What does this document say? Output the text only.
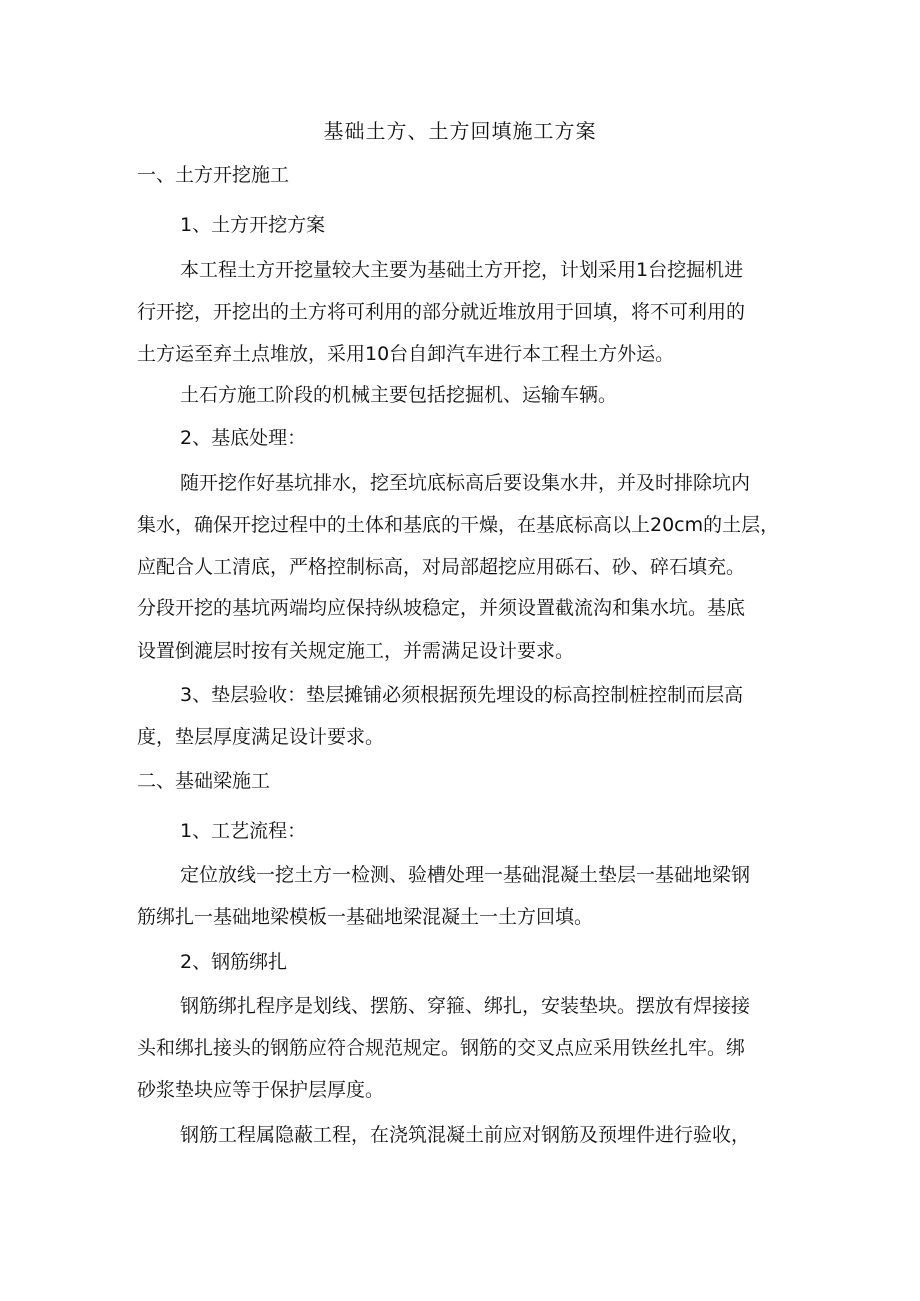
基础土方、土方回填施工方案

一、土方开挖施工

1、土方开挖方案

本工程土方开挖量较大主要为基础土方开挖，计划采用1台挖掘机进

行开挖，开挖出的土方将可利用的部分就近堆放用于回填，将不可利用的

土方运至弃土点堆放，采用10台自卸汽车进行本工程土方外运。

土石方施工阶段的机械主要包括挖掘机、运输车辆。

2、基底处理：

随开挖作好基坑排水，挖至坑底标高后要设集水井，并及时排除坑内

集水，确保开挖过程中的土体和基底的干燥，在基底标高以上20cm的土层，

应配合人工清底，严格控制标高，对局部超挖应用砾石、砂、碎石填充。

分段开挖的基坑两端均应保持纵坡稳定，并须设置截流沟和集水坑。基底

设置倒漉层时按有关规定施工，并需满足设计要求。

3、垫层验收：垫层摊铺必须根据预先埋设的标高控制桩控制而层高

度，垫层厚度满足设计要求。

二、基础梁施工

1、工艺流程：

定位放线一挖土方一检测、验槽处理一基础混凝土垫层一基础地梁钢

筋绑扎一基础地梁模板一基础地梁混凝土一土方回填。

2、钢筋绑扎

钢筋绑扎程序是划线、摆筋、穿箍、绑扎，安装垫块。摆放有焊接接

头和绑扎接头的钢筋应符合规范规定。钢筋的交叉点应采用铁丝扎牢。绑

砂浆垫块应等于保护层厚度。

钢筋工程属隐蔽工程，在浇筑混凝土前应对钢筋及预埋件进行验收，
